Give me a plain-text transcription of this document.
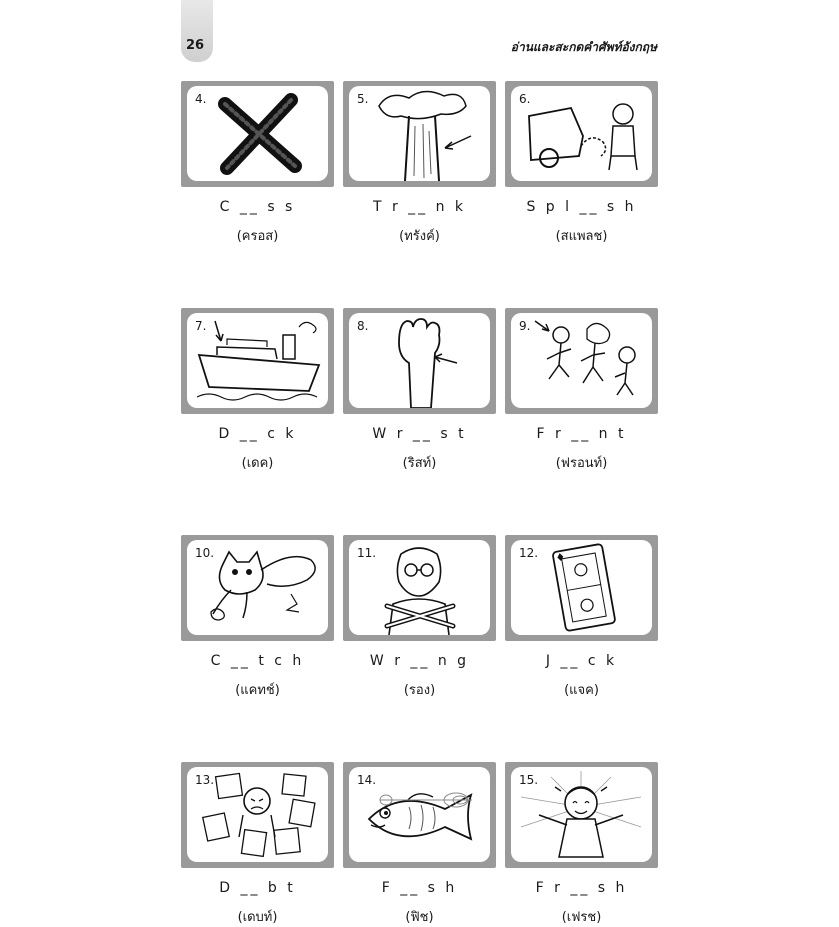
26	อ่านและสะกดคำศัพท์อังกฤษ
4.
C __ s s
(ครอส)
5.
T r __ n k
(ทรังค์)
6.
S p l __ s h
(สแพลช)
7.
D __ c k
(เดค)
8.
W r __ s t
(ริสท์)
9.
F r __ n t
(ฟรอนท์)
10.
C __ t c h
(แคทช์)
11.
W r __ n g
(รอง)
12.
J __ c k
(แจค)
13.
D __ b t
(เดบท์)
14.
F __ s h
(ฟิช)
15.
F r __ s h
(เฟรช)
